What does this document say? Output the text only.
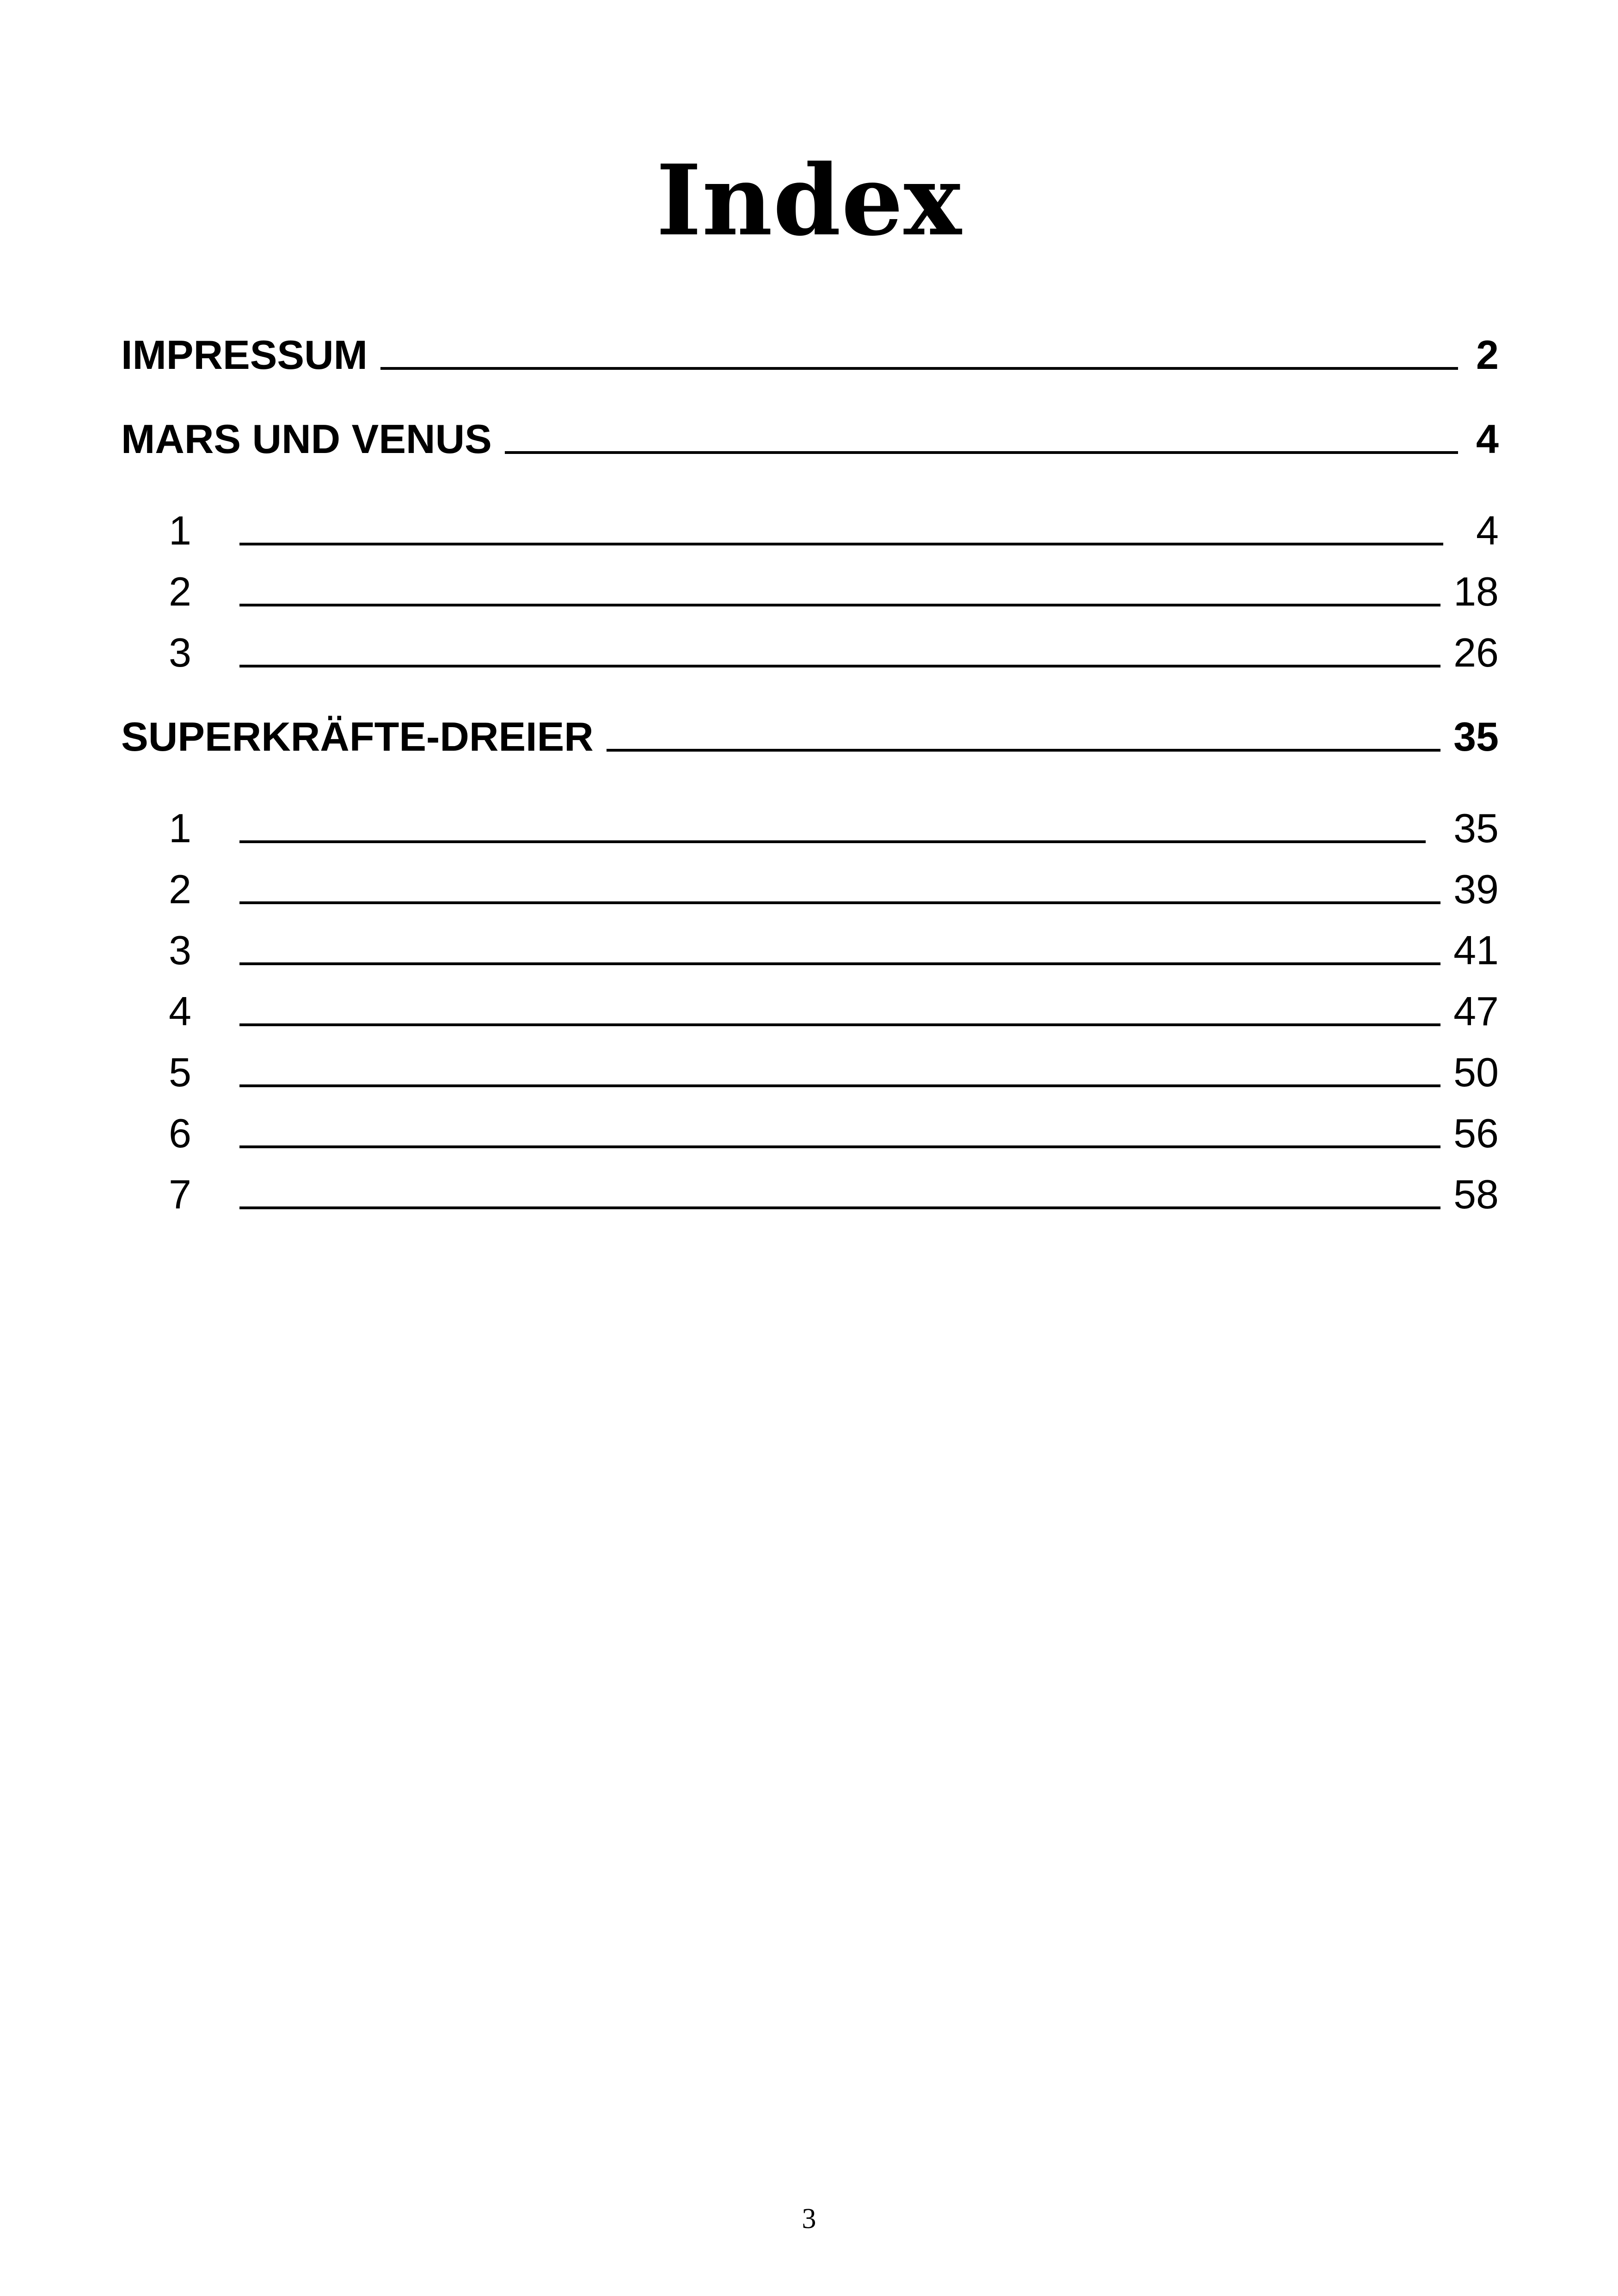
Index
IMPRESSUM	2
MARS UND VENUS	4
1	4
2	18
3	26
SUPERKRÄFTE-DREIER	35
1	35
2	39
3	41
4	47
5	50
6	56
7	58
3
